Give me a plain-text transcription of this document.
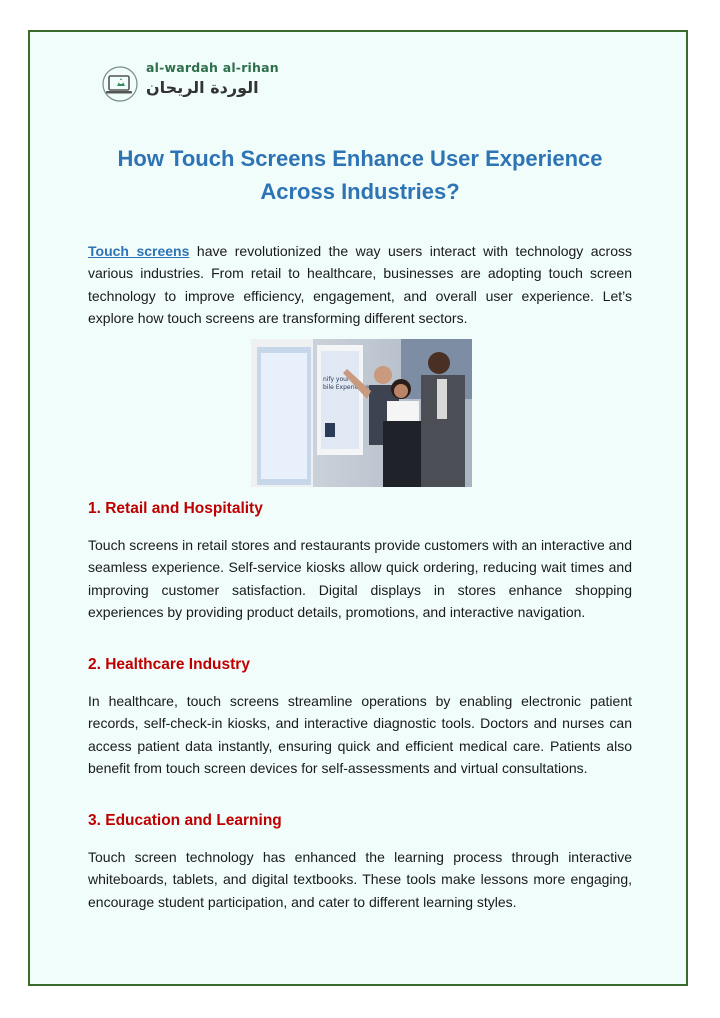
al-wardah al-rihan
الوردة الريحان
How Touch Screens Enhance User Experience
Across Industries?

Touch screens have revolutionized the way users interact with technology across various industries. From retail to healthcare, businesses are adopting touch screen technology to improve efficiency, engagement, and overall user experience. Let’s explore how touch screens are transforming different sectors.

nify your
bile Experience
1. Retail and Hospitality

Touch screens in retail stores and restaurants provide customers with an interactive and seamless experience. Self-service kiosks allow quick ordering, reducing wait times and improving customer satisfaction. Digital displays in stores enhance shopping experiences by providing product details, promotions, and interactive navigation.

2. Healthcare Industry

In healthcare, touch screens streamline operations by enabling electronic patient records, self-check-in kiosks, and interactive diagnostic tools. Doctors and nurses can access patient data instantly, ensuring quick and efficient medical care. Patients also benefit from touch screen devices for self-assessments and virtual consultations.

3. Education and Learning

Touch screen technology has enhanced the learning process through interactive whiteboards, tablets, and digital textbooks. These tools make lessons more engaging, encourage student participation, and cater to different learning styles.
